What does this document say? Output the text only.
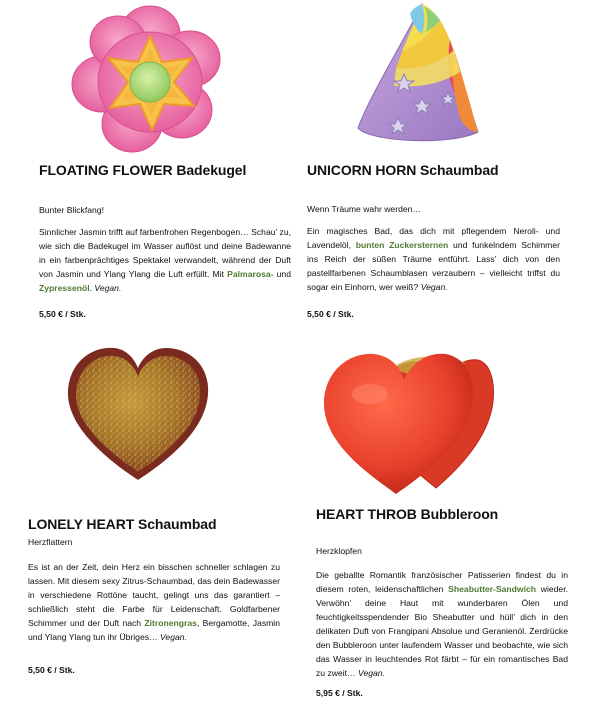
FLOATING FLOWER Badekugel
Bunter Blickfang!
Sinnlicher Jasmin trifft auf farbenfrohen Regenbogen… Schau’ zu, wie sich die Badekugel im Wasser auflöst und deine Badewanne in ein farbenprächtiges Spektakel verwandelt, während der Duft von Jasmin und Ylang Ylang die Luft erfüllt. Mit Palmarosa- und Zypressenöl. Vegan.
5,50 € / Stk.
UNICORN HORN Schaumbad
Wenn Träume wahr werden…
Ein magisches Bad, das dich mit pflegendem Neroli- und Lavendelöl, bunten Zuckersternen und funkelndem Schimmer ins Reich der süßen Träume entführt. Lass’ dich von den pastellfarbenen Schaumblasen verzaubern – vielleicht triffst du sogar ein Einhorn, wer weiß? Vegan.
5,50 € / Stk.
LONELY HEART Schaumbad
Herzflattern
Es ist an der Zeit, dein Herz ein bisschen schneller schlagen zu lassen. Mit diesem sexy Zitrus-Schaumbad, das dein Badewasser in verschiedene Rottöne taucht, gelingt uns das garantiert – schließlich steht die Farbe für Leidenschaft. Goldfarbener Schimmer und der Duft nach Zitronengras, Bergamotte, Jasmin und Ylang Ylang tun ihr Übriges… Vegan.
5,50 € / Stk.
HEART THROB Bubbleroon
Herzklopfen
Die geballte Romantik französischer Patisserien findest du in diesem roten, leidenschaftlichen Sheabutter-Sandwich wieder. Verwöhn’ deine Haut mit wunderbaren Ölen und feuchtigkeitsspendender Bio Sheabutter und hüll’ dich in den delikaten Duft von Frangipani Absolue und Geranienöl. Zerdrücke den Bubbleroon unter laufendem Wasser und beobachte, wie sich das Wasser in leuchtendes Rot färbt – für ein romantisches Bad zu zweit… Vegan.
5,95 € / Stk.
